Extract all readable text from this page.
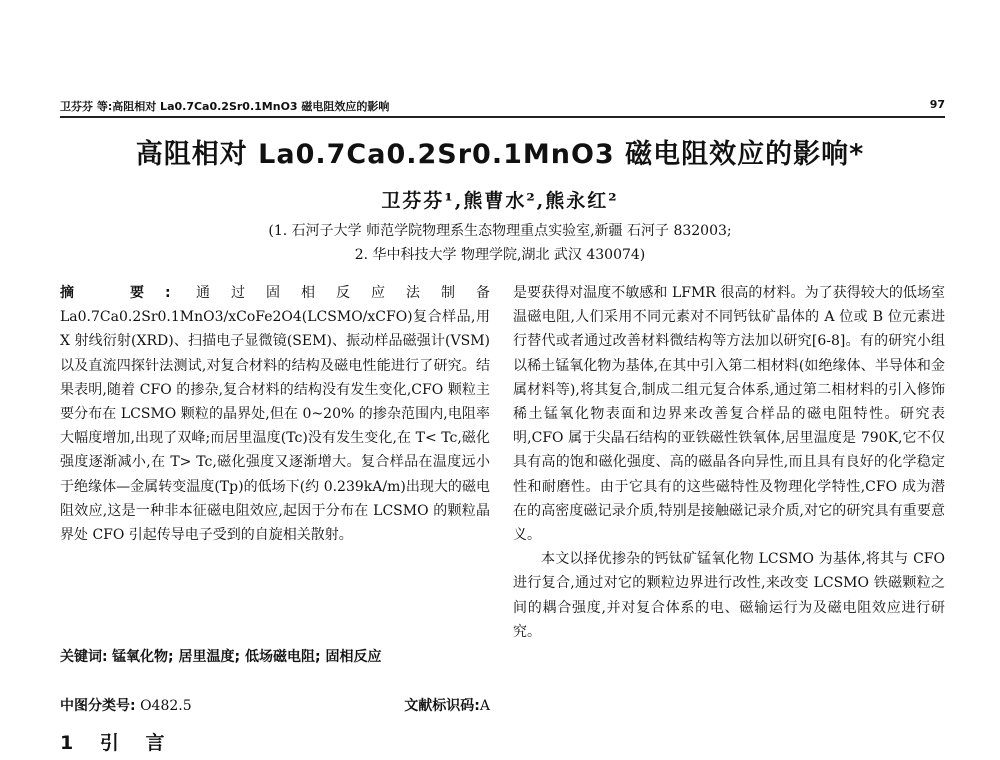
卫芬芬 等:高阻相对 La0.7Ca0.2Sr0.1MnO3 磁电阻效应的影响	97
高阻相对 La0.7Ca0.2Sr0.1MnO3 磁电阻效应的影响*
卫芬芬¹,熊曹水²,熊永红²
(1. 石河子大学 师范学院物理系生态物理重点实验室,新疆 石河子 832003;
2. 华中科技大学 物理学院,湖北 武汉 430074)

摘　要: 通过固相反应法制备 La0.7Ca0.2Sr0.1MnO3/xCoFe2O4(LCSMO/xCFO)复合样品,用 X 射线衍射(XRD)、扫描电子显微镜(SEM)、振动样品磁强计(VSM)以及直流四探针法测试,对复合材料的结构及磁电性能进行了研究。结果表明,随着 CFO 的掺杂,复合材料的结构没有发生变化,CFO 颗粒主要分布在 LCSMO 颗粒的晶界处,但在 0~20% 的掺杂范围内,电阻率大幅度增加,出现了双峰;而居里温度(Tc)没有发生变化,在 T< Tc,磁化强度逐渐减小,在 T> Tc,磁化强度又逐渐增大。复合样品在温度远小于绝缘体—金属转变温度(Tp)的低场下(约 0.239kA/m)出现大的磁电阻效应,这是一种非本征磁电阻效应,起因于分布在 LCSMO 的颗粒晶界处 CFO 引起传导电子受到的自旋相关散射。

关键词: 锰氧化物; 居里温度; 低场磁电阻; 固相反应
中图分类号: O482.5	文献标识码:A
1 引 言

是要获得对温度不敏感和 LFMR 很高的材料。为了获得较大的低场室温磁电阻,人们采用不同元素对不同钙钛矿晶体的 A 位或 B 位元素进行替代或者通过改善材料微结构等方法加以研究[6-8]。有的研究小组以稀土锰氧化物为基体,在其中引入第二相材料(如绝缘体、半导体和金属材料等),将其复合,制成二组元复合体系,通过第二相材料的引入修饰稀土锰氧化物表面和边界来改善复合样品的磁电阻特性。研究表明,CFO 属于尖晶石结构的亚铁磁性铁氧体,居里温度是 790K,它不仅具有高的饱和磁化强度、高的磁晶各向异性,而且具有良好的化学稳定性和耐磨性。由于它具有的这些磁特性及物理化学特性,CFO 成为潜在的高密度磁记录介质,特别是接触磁记录介质,对它的研究具有重要意义。

本文以择优掺杂的钙钛矿锰氧化物 LCSMO 为基体,将其与 CFO 进行复合,通过对它的颗粒边界进行改性,来改变 LCSMO 铁磁颗粒之间的耦合强度,并对复合体系的电、磁输运行为及磁电阻效应进行研究。
